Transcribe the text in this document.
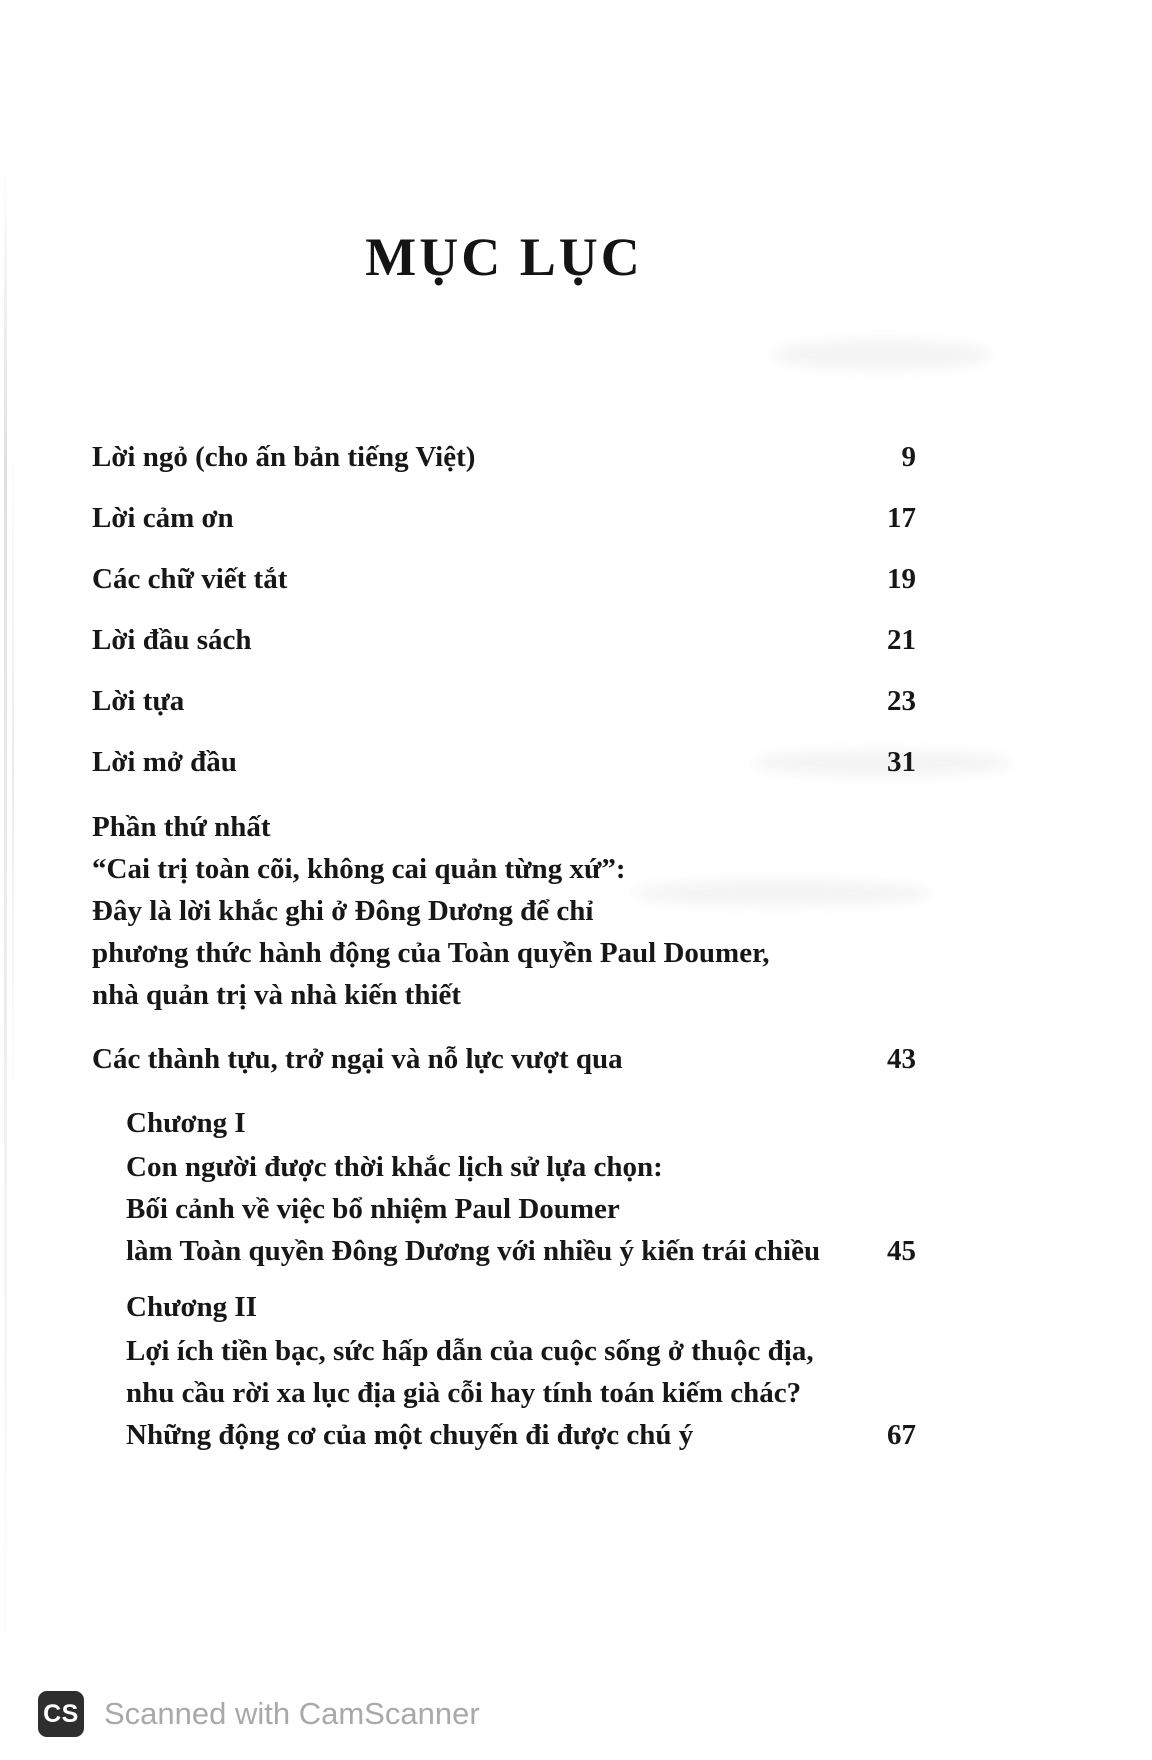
MỤC LỤC
Lời ngỏ (cho ấn bản tiếng Việt)	9
Lời cảm ơn	17
Các chữ viết tắt	19
Lời đầu sách	21
Lời tựa	23
Lời mở đầu	31
Phần thứ nhất
“Cai trị toàn cõi, không cai quản từng xứ”:
Đây là lời khắc ghi ở Đông Dương để chỉ
phương thức hành động của Toàn quyền Paul Doumer,
nhà quản trị và nhà kiến thiết
Các thành tựu, trở ngại và nỗ lực vượt qua	43
Chương I
Con người được thời khắc lịch sử lựa chọn:
Bối cảnh về việc bổ nhiệm Paul Doumer
làm Toàn quyền Đông Dương với nhiều ý kiến trái chiều 45
Chương II
Lợi ích tiền bạc, sức hấp dẫn của cuộc sống ở thuộc địa,
nhu cầu rời xa lục địa già cỗi hay tính toán kiếm chác?
Những động cơ của một chuyến đi được chú ý	67
CS Scanned with CamScanner
